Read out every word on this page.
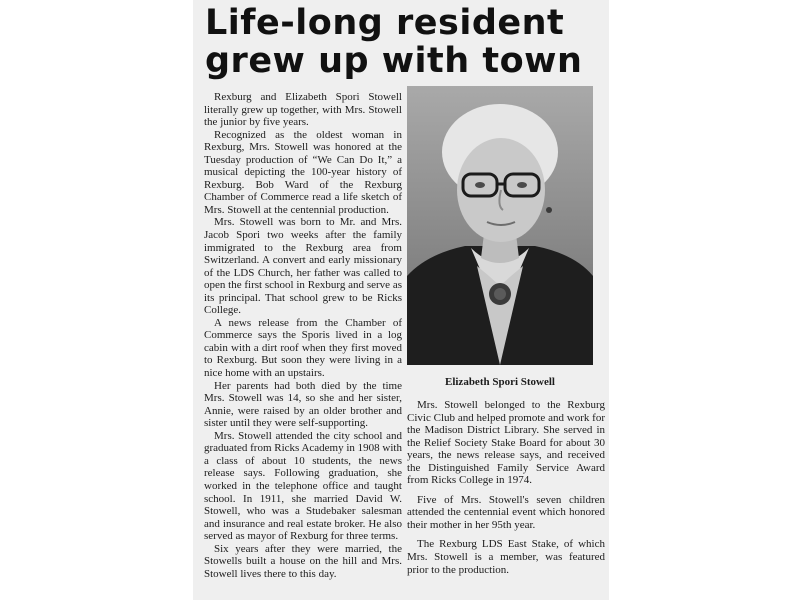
Life-long resident grew up with town

Rexburg and Elizabeth Spori Stowell literally grew up together, with Mrs. Stowell the junior by five years.

Recognized as the oldest woman in Rexburg, Mrs. Stowell was honored at the Tuesday production of “We Can Do It,” a musical depicting the 100-year history of Rexburg. Bob Ward of the Rexburg Chamber of Commerce read a life sketch of Mrs. Stowell at the centennial production.

Mrs. Stowell was born to Mr. and Mrs. Jacob Spori two weeks after the family immigrated to the Rexburg area from Switzerland. A convert and early missionary of the LDS Church, her father was called to open the first school in Rexburg and serve as its principal. That school grew to be Ricks College.

A news release from the Chamber of Commerce says the Sporis lived in a log cabin with a dirt roof when they first moved to Rexburg. But soon they were living in a nice home with an upstairs.

Her parents had both died by the time Mrs. Stowell was 14, so she and her sister, Annie, were raised by an older brother and sister until they were self-supporting.

Mrs. Stowell attended the city school and graduated from Ricks Academy in 1908 with a class of about 10 students, the news release says. Following graduation, she worked in the telephone office and taught school. In 1911, she married David W. Stowell, who was a Studebaker salesman and insurance and real estate broker. He also served as mayor of Rexburg for three terms.

Six years after they were married, the Stowells built a house on the hill and Mrs. Stowell lives there to this day.

Elizabeth Spori Stowell

Mrs. Stowell belonged to the Rexburg Civic Club and helped promote and work for the Madison District Library. She served in the Relief Society Stake Board for about 30 years, the news release says, and received the Distinguished Family Service Award from Ricks College in 1974.

Five of Mrs. Stowell's seven children attended the centennial event which honored their mother in her 95th year.

The Rexburg LDS East Stake, of which Mrs. Stowell is a member, was featured prior to the production.
